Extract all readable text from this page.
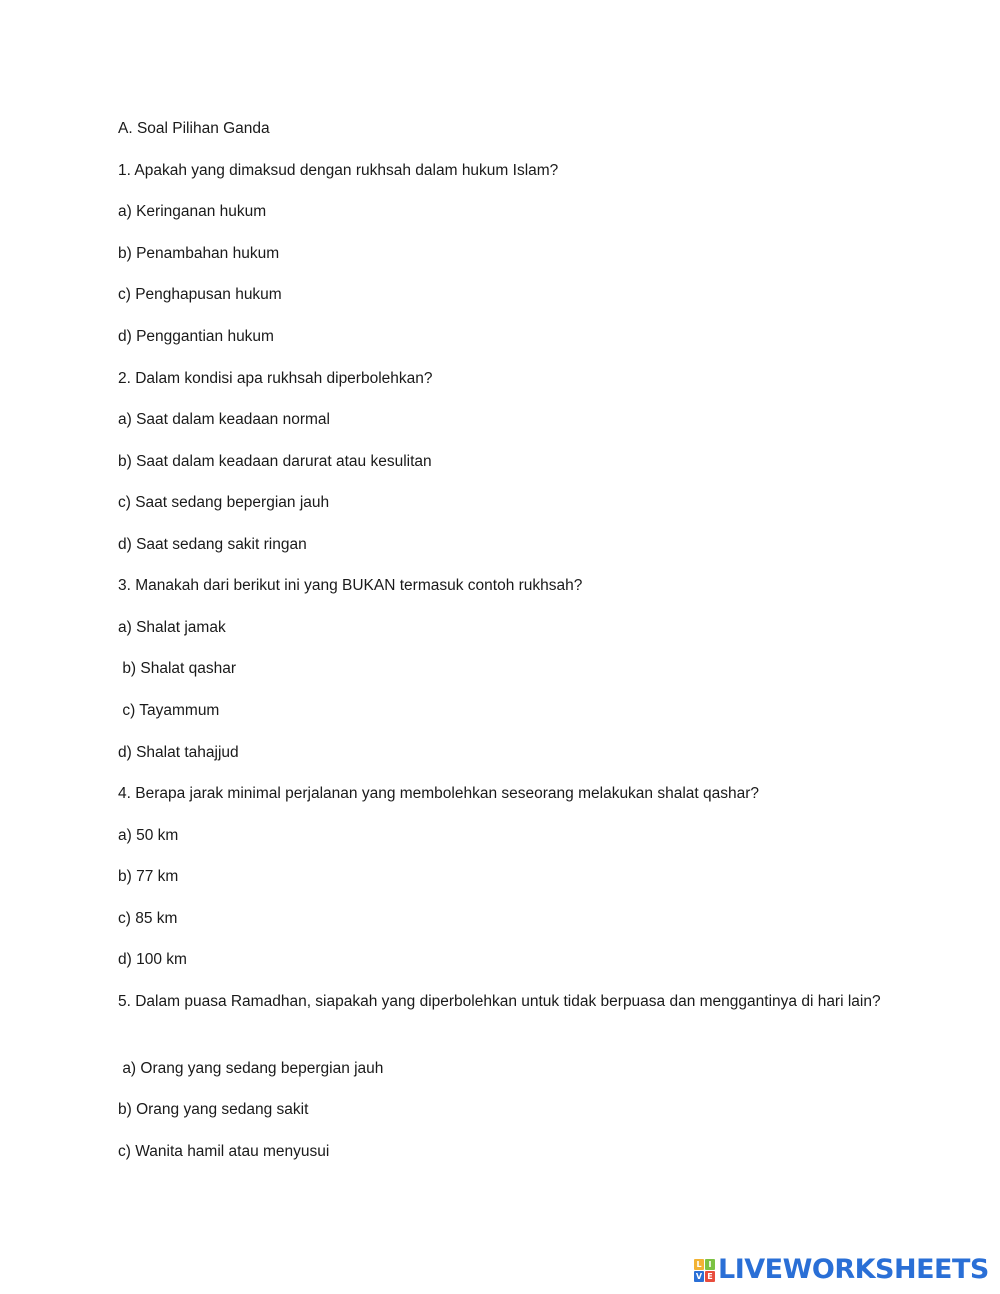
A. Soal Pilihan Ganda
1. Apakah yang dimaksud dengan rukhsah dalam hukum Islam?
a) Keringanan hukum
b) Penambahan hukum
c) Penghapusan hukum
d) Penggantian hukum
2. Dalam kondisi apa rukhsah diperbolehkan?
a) Saat dalam keadaan normal
b) Saat dalam keadaan darurat atau kesulitan
c) Saat sedang bepergian jauh
d) Saat sedang sakit ringan
3. Manakah dari berikut ini yang BUKAN termasuk contoh rukhsah?
a) Shalat jamak
b) Shalat qashar
c) Tayammum
d) Shalat tahajjud
4. Berapa jarak minimal perjalanan yang membolehkan seseorang melakukan shalat qashar?
a) 50 km
b) 77 km
c) 85 km
d) 100 km
5. Dalam puasa Ramadhan, siapakah yang diperbolehkan untuk tidak berpuasa dan menggantinya di hari lain?
a) Orang yang sedang bepergian jauh
b) Orang yang sedang sakit
c) Wanita hamil atau menyusui
L I
V E LIVEWORKSHEETS
